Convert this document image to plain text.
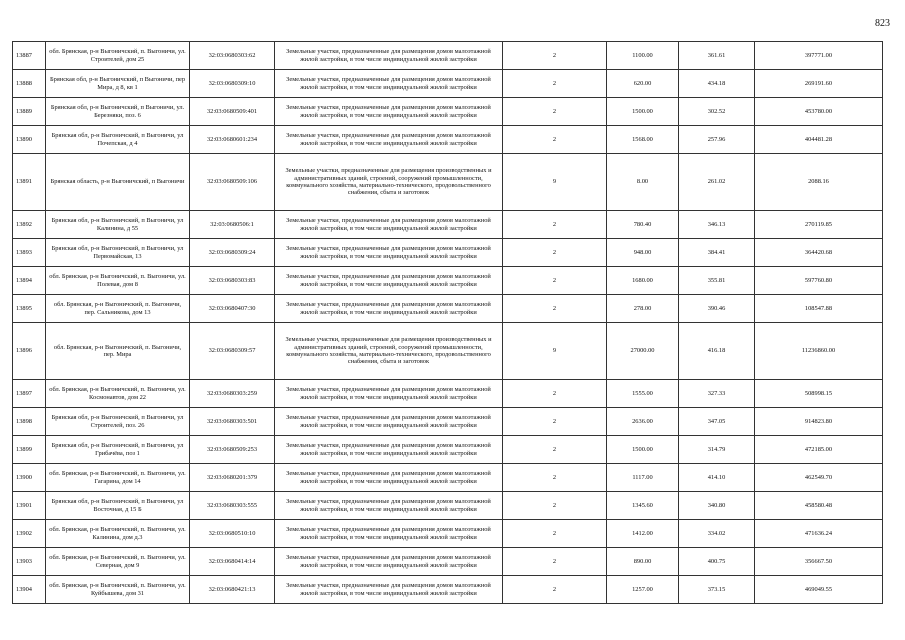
823
13887	обл. Брянская, р-н Выгоничский, п. Выгоничи, ул. Строителей, дом 25	32:03:0680303:62	Земельные участки, предназначенные для размещения домов малоэтажной жилой застройки, в том числе индивидуальной жилой застройки	2	1100.00	361.61	397771.00
13888	Брянская обл, р-н Выгоничский, п Выгоничи, пер Мира, д 8, кв 1	32:03:0680309:10	Земельные участки, предназначенные для размещения домов малоэтажной жилой застройки, в том числе индивидуальной жилой застройки	2	620.00	434.18	269191.60
13889	Брянская обл, р-н Выгоничский, п Выгоничи, ул. Березняки, поз. 6	32:03:0680509:401	Земельные участки, предназначенные для размещения домов малоэтажной жилой застройки, в том числе индивидуальной жилой застройки	2	1500.00	302.52	453780.00
13890	Брянская обл, р-н Выгоничский, п Выгоничи, ул Почепская, д 4	32:03:0680601:234	Земельные участки, предназначенные для размещения домов малоэтажной жилой застройки, в том числе индивидуальной жилой застройки	2	1568.00	257.96	404481.28
13891	Брянская область, р-н Выгоничский, п Выгоничи	32:03:0680509:106	Земельные участки, предназначенные для размещения производственных и административных зданий, строений, сооружений промышленности, коммунального хозяйства, материально-технического, продовольственного снабжения, сбыта и заготовок	9	8.00	261.02	2088.16
13892	Брянская обл, р-н Выгоничский, п Выгоничи, ул Калинина, д 55	32:03:0680506:1	Земельные участки, предназначенные для размещения домов малоэтажной жилой застройки, в том числе индивидуальной жилой застройки	2	780.40	346.13	270119.85
13893	Брянская обл, р-н Выгоничский, п Выгоничи, ул Первомайская, 13	32:03:0680309:24	Земельные участки, предназначенные для размещения домов малоэтажной жилой застройки, в том числе индивидуальной жилой застройки	2	948.00	384.41	364420.68
13894	обл. Брянская, р-н Выгоничский, п. Выгоничи, ул. Полевая, дом 8	32:03:0680303:83	Земельные участки, предназначенные для размещения домов малоэтажной жилой застройки, в том числе индивидуальной жилой застройки	2	1680.00	355.81	597760.80
13895	обл. Брянская, р-н Выгоничский, п. Выгоничи, пер. Сальникова, дом 13	32:03:0680407:30	Земельные участки, предназначенные для размещения домов малоэтажной жилой застройки, в том числе индивидуальной жилой застройки	2	278.00	390.46	108547.88
13896	обл. Брянская, р-н Выгоничский, п. Выгоничи, пер. Мира	32:03:0680309:57	Земельные участки, предназначенные для размещения производственных и административных зданий, строений, сооружений промышленности, коммунального хозяйства, материально-технического, продовольственного снабжения, сбыта и заготовок	9	27000.00	416.18	11236860.00
13897	обл. Брянская, р-н Выгоничский, п. Выгоничи, ул. Космонавтов, дом 22	32:03:0680303:259	Земельные участки, предназначенные для размещения домов малоэтажной жилой застройки, в том числе индивидуальной жилой застройки	2	1555.00	327.33	508998.15
13898	Брянская обл, р-н Выгоничский, п Выгоничи, ул Строителей, поз. 26	32:03:0680303:501	Земельные участки, предназначенные для размещения домов малоэтажной жилой застройки, в том числе индивидуальной жилой застройки	2	2636.00	347.05	914823.80
13899	Брянская обл, р-н Выгоничский, п Выгоничи, ул Грибачёва, поз 1	32:03:0680509:253	Земельные участки, предназначенные для размещения домов малоэтажной жилой застройки, в том числе индивидуальной жилой застройки	2	1500.00	314.79	472185.00
13900	обл. Брянская, р-н Выгоничский, п. Выгоничи, ул. Гагарина, дом 14	32:03:0680201:379	Земельные участки, предназначенные для размещения домов малоэтажной жилой застройки, в том числе индивидуальной жилой застройки	2	1117.00	414.10	462549.70
13901	Брянская обл, р-н Выгоничский, п Выгоничи, ул Восточная, д 15 Б	32:03:0680303:555	Земельные участки, предназначенные для размещения домов малоэтажной жилой застройки, в том числе индивидуальной жилой застройки	2	1345.60	340.80	458580.48
13902	обл. Брянская, р-н Выгоничский, п. Выгоничи, ул. Калинина, дом д.3	32:03:0680510:10	Земельные участки, предназначенные для размещения домов малоэтажной жилой застройки, в том числе индивидуальной жилой застройки	2	1412.00	334.02	471636.24
13903	обл. Брянская, р-н Выгоничский, п. Выгоничи, ул. Северная, дом 9	32:03:0680414:14	Земельные участки, предназначенные для размещения домов малоэтажной жилой застройки, в том числе индивидуальной жилой застройки	2	890.00	400.75	356667.50
13904	обл. Брянская, р-н Выгоничский, п. Выгоничи, ул. Куйбышева, дом 31	32:03:0680421:13	Земельные участки, предназначенные для размещения домов малоэтажной жилой застройки, в том числе индивидуальной жилой застройки	2	1257.00	373.15	469049.55
